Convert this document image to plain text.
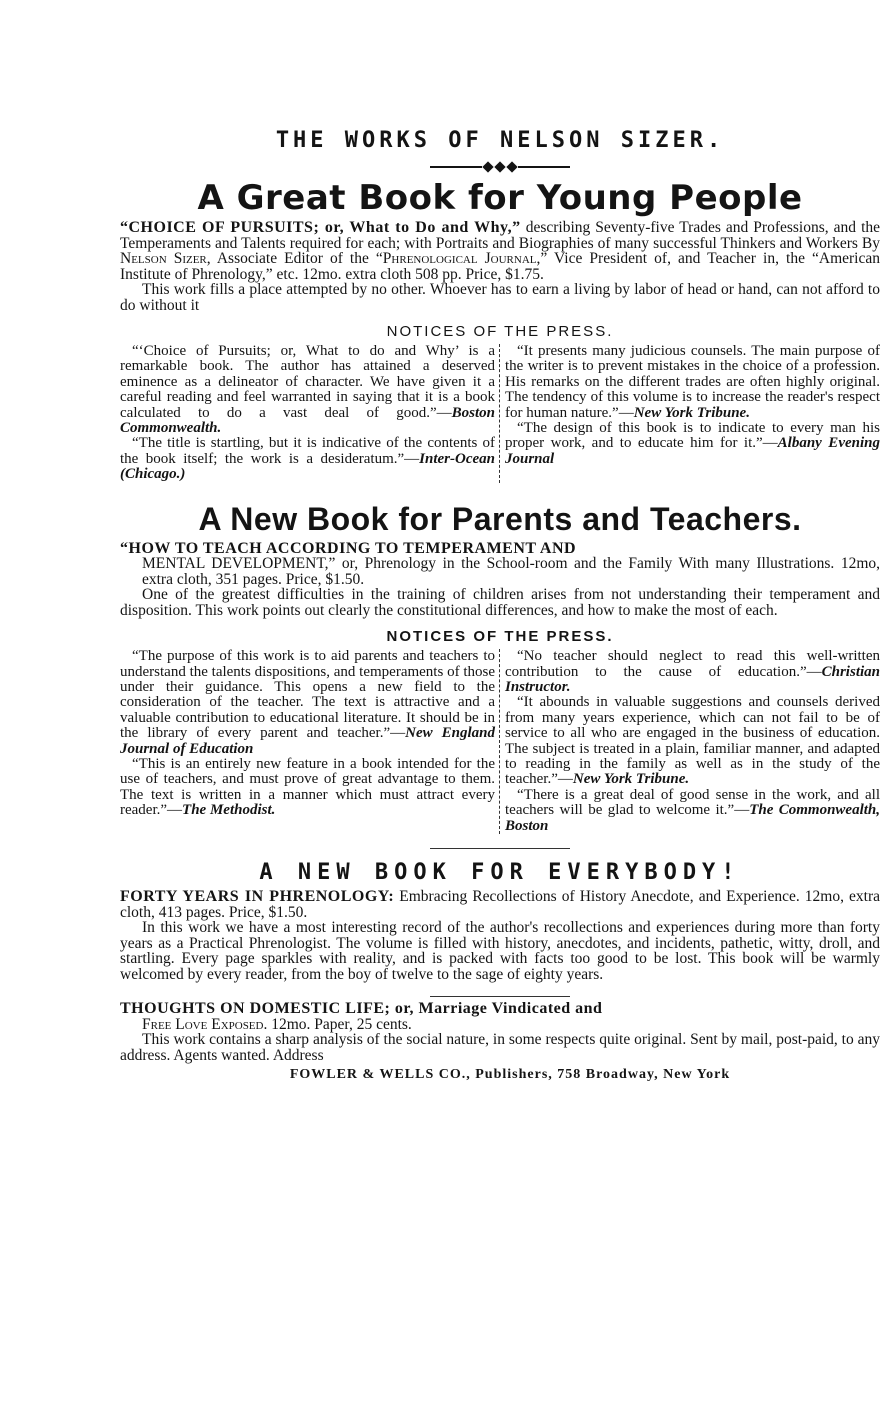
THE WORKS OF NELSON SIZER.
A Great Book for Young People
“CHOICE OF PURSUITS; or, What to Do and Why,” describing Seventy-five Trades and Professions, and the Temperaments and Talents required for each; with Portraits and Biographies of many successful Thinkers and Workers By Nelson Sizer, Associate Editor of the “Phrenological Journal,” Vice President of, and Teacher in, the “American Institute of Phrenology,” etc. 12mo. extra cloth 508 pp. Price, $1.75.

This work fills a place attempted by no other. Whoever has to earn a living by labor of head or hand, can not afford to do without it

NOTICES OF THE PRESS.

“‘Choice of Pursuits; or, What to do and Why’ is a remarkable book. The author has attained a deserved eminence as a delineator of character. We have given it a careful reading and feel warranted in saying that it is a book calculated to do a vast deal of good.”—Boston Commonwealth.

“The title is startling, but it is indicative of the contents of the book itself; the work is a desideratum.”—Inter-Ocean (Chicago.)

“It presents many judicious counsels. The main purpose of the writer is to prevent mistakes in the choice of a profession. His remarks on the different trades are often highly original. The tendency of this volume is to increase the reader's respect for human nature.”—New York Tribune.

“The design of this book is to indicate to every man his proper work, and to educate him for it.”—Albany Evening Journal

A New Book for Parents and Teachers.
“HOW TO TEACH ACCORDING TO TEMPERAMENT AND
MENTAL DEVELOPMENT,” or, Phrenology in the School-room and the Family With many Illustrations. 12mo, extra cloth, 351 pages. Price, $1.50.

One of the greatest difficulties in the training of children arises from not understanding their temperament and disposition. This work points out clearly the constitutional differences, and how to make the most of each.

NOTICES OF THE PRESS.

“The purpose of this work is to aid parents and teachers to understand the talents dispositions, and temperaments of those under their guidance. This opens a new field to the consideration of the teacher. The text is attractive and a valuable contribution to educational literature. It should be in the library of every parent and teacher.”—New England Journal of Education

“This is an entirely new feature in a book intended for the use of teachers, and must prove of great advantage to them. The text is written in a manner which must attract every reader.”—The Methodist.

“No teacher should neglect to read this well-written contribution to the cause of education.”—Christian Instructor.

“It abounds in valuable suggestions and counsels derived from many years experience, which can not fail to be of service to all who are engaged in the business of education. The subject is treated in a plain, familiar manner, and adapted to reading in the family as well as in the study of the teacher.”—New York Tribune.

“There is a great deal of good sense in the work, and all teachers will be glad to welcome it.”—The Commonwealth, Boston

A NEW BOOK FOR EVERYBODY!
FORTY YEARS IN PHRENOLOGY: Embracing Recollections of History Anecdote, and Experience. 12mo, extra cloth, 413 pages. Price, $1.50.

In this work we have a most interesting record of the author's recollections and experiences during more than forty years as a Practical Phrenologist. The volume is filled with history, anecdotes, and incidents, pathetic, witty, droll, and startling. Every page sparkles with reality, and is packed with facts too good to be lost. This book will be warmly welcomed by every reader, from the boy of twelve to the sage of eighty years.

THOUGHTS ON DOMESTIC LIFE; or, Marriage Vindicated and
Free Love Exposed. 12mo. Paper, 25 cents.

This work contains a sharp analysis of the social nature, in some respects quite original. Sent by mail, post-paid, to any address. Agents wanted. Address

FOWLER & WELLS CO., Publishers, 758 Broadway, New York
